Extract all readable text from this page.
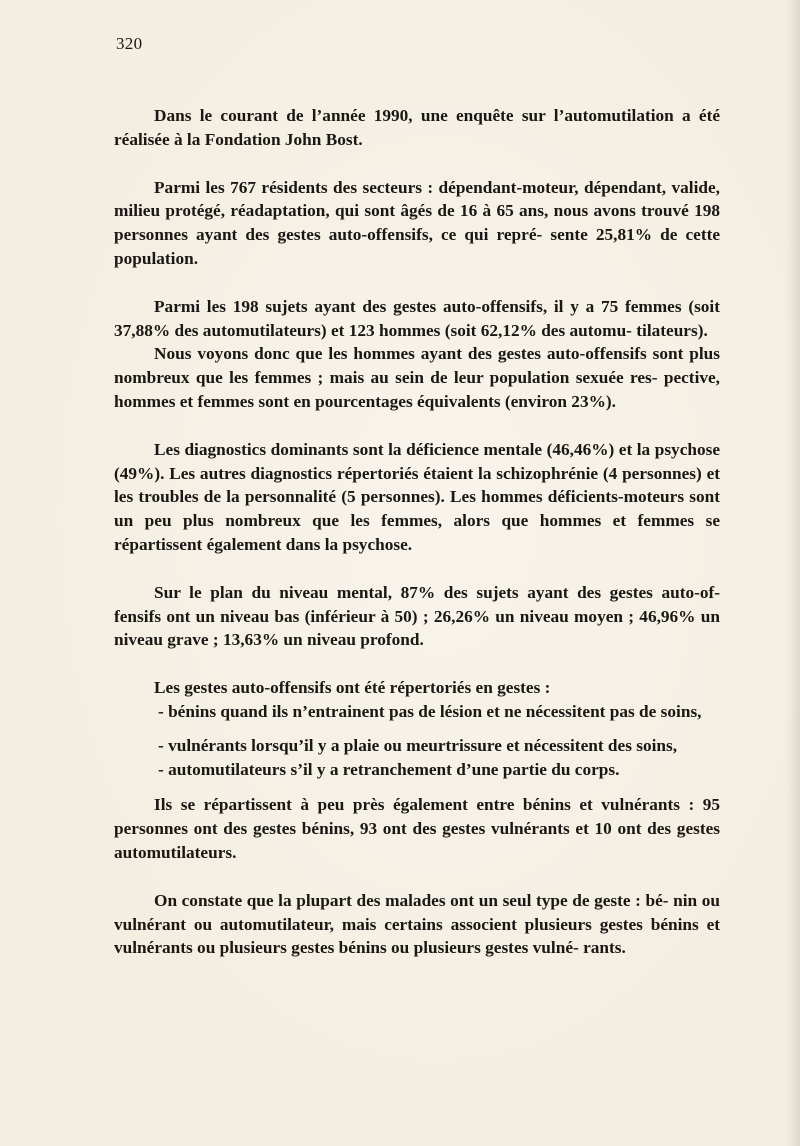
320

Dans le courant de l’année 1990, une enquête sur l’automutilation a été réalisée à la Fondation John Bost.

Parmi les 767 résidents des secteurs : dépendant-moteur, dépendant, valide, milieu protégé, réadaptation, qui sont âgés de 16 à 65 ans, nous avons trouvé 198 personnes ayant des gestes auto-offensifs, ce qui repré- sente 25,81% de cette population.

Parmi les 198 sujets ayant des gestes auto-offensifs, il y a 75 femmes (soit 37,88% des automutilateurs) et 123 hommes (soit 62,12% des automu- tilateurs).

Nous voyons donc que les hommes ayant des gestes auto-offensifs sont plus nombreux que les femmes ; mais au sein de leur population sexuée res- pective, hommes et femmes sont en pourcentages équivalents (environ 23%).

Les diagnostics dominants sont la déficience mentale (46,46%) et la psychose (49%). Les autres diagnostics répertoriés étaient la schizophrénie (4 personnes) et les troubles de la personnalité (5 personnes). Les hommes déficients-moteurs sont un peu plus nombreux que les femmes, alors que hommes et femmes se répartissent également dans la psychose.

Sur le plan du niveau mental, 87% des sujets ayant des gestes auto-of- fensifs ont un niveau bas (inférieur à 50) ; 26,26% un niveau moyen ; 46,96% un niveau grave ; 13,63% un niveau profond.

Les gestes auto-offensifs ont été répertoriés en gestes :

- bénins quand ils n’entrainent pas de lésion et ne nécessitent pas de soins,

- vulnérants lorsqu’il y a plaie ou meurtrissure et nécessitent des soins,

- automutilateurs s’il y a retranchement d’une partie du corps.

Ils se répartissent à peu près également entre bénins et vulnérants : 95 personnes ont des gestes bénins, 93 ont des gestes vulnérants et 10 ont des gestes automutilateurs.

On constate que la plupart des malades ont un seul type de geste : bé- nin ou vulnérant ou automutilateur, mais certains associent plusieurs gestes bénins et vulnérants ou plusieurs gestes bénins ou plusieurs gestes vulné- rants.
